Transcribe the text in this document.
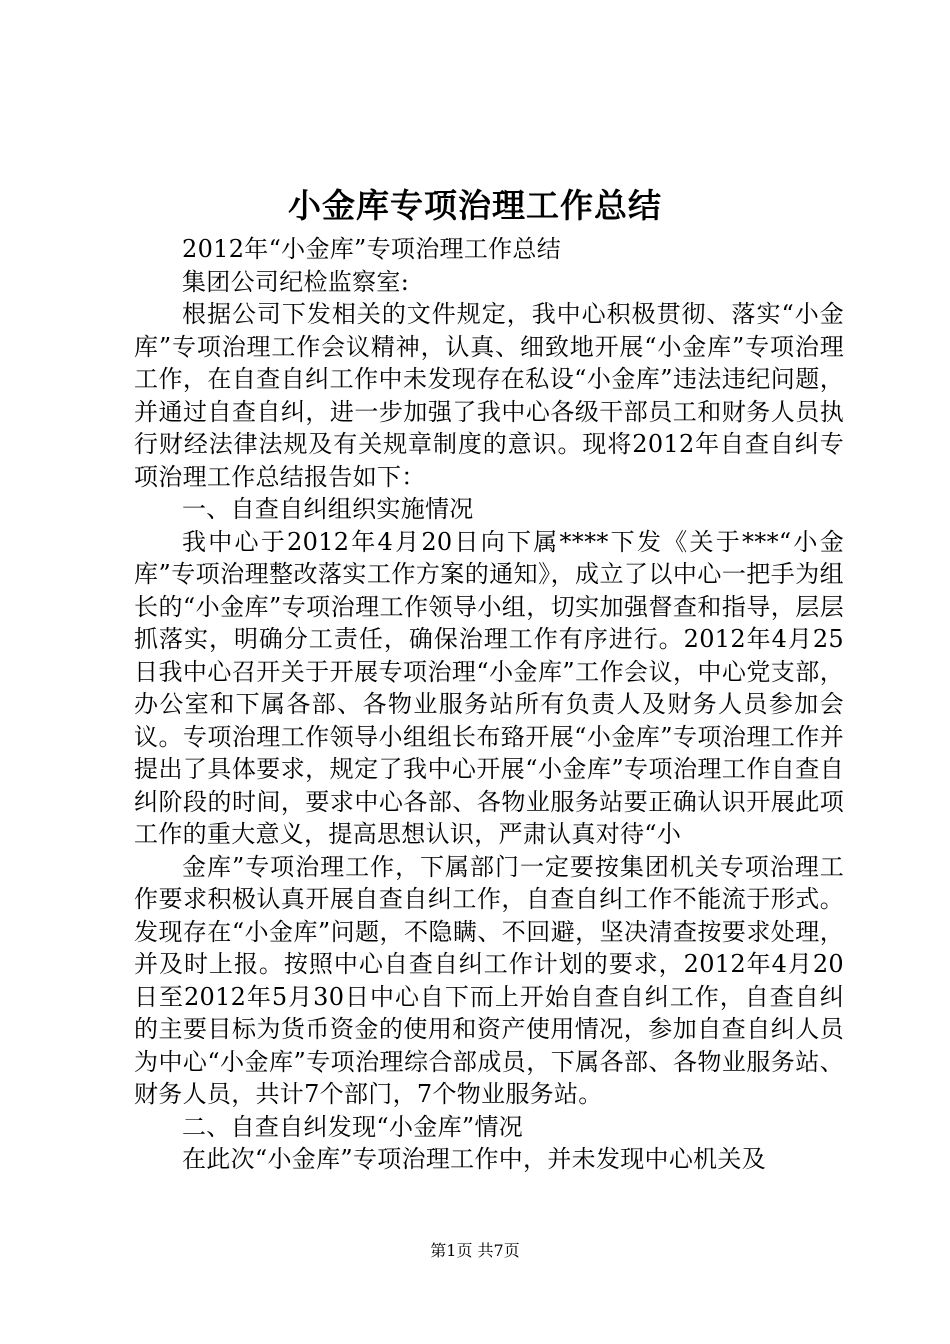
小金库专项治理工作总结

2012年“小金库”专项治理工作总结

集团公司纪检监察室:

根据公司下发相关的文件规定，我中心积极贯彻、落实“小金库”专项治理工作会议精神，认真、细致地开展“小金库”专项治理工作，在自查自纠工作中未发现存在私设“小金库”违法违纪问题，并通过自查自纠，进一步加强了我中心各级干部员工和财务人员执行财经法律法规及有关规章制度的意识。现将2012年自查自纠专项治理工作总结报告如下：

一、自查自纠组织实施情况

我中心于2012年4月20日向下属****下发《关于***“小金库”专项治理整改落实工作方案的通知》，成立了以中心一把手为组长的“小金库”专项治理工作领导小组，切实加强督查和指导，层层抓落实，明确分工责任，确保治理工作有序进行。2012年4月25日我中心召开关于开展专项治理“小金库”工作会议，中心党支部，办公室和下属各部、各物业服务站所有负责人及财务人员参加会议。专项治理工作领导小组组长布臵开展“小金库”专项治理工作并提出了具体要求，规定了我中心开展“小金库”专项治理工作自查自纠阶段的时间，要求中心各部、各物业服务站要正确认识开展此项工作的重大意义，提高思想认识，严肃认真对待“小

金库”专项治理工作，下属部门一定要按集团机关专项治理工作要求积极认真开展自查自纠工作，自查自纠工作不能流于形式。发现存在“小金库”问题，不隐瞒、不回避，坚决清查按要求处理，并及时上报。按照中心自查自纠工作计划的要求，2012年4月20日至2012年5月30日中心自下而上开始自查自纠工作，自查自纠的主要目标为货币资金的使用和资产使用情况，参加自查自纠人员为中心“小金库”专项治理综合部成员，下属各部、各物业服务站、财务人员，共计7个部门，7个物业服务站。

二、自查自纠发现“小金库”情况

在此次“小金库”专项治理工作中，并未发现中心机关及

第1页 共7页
